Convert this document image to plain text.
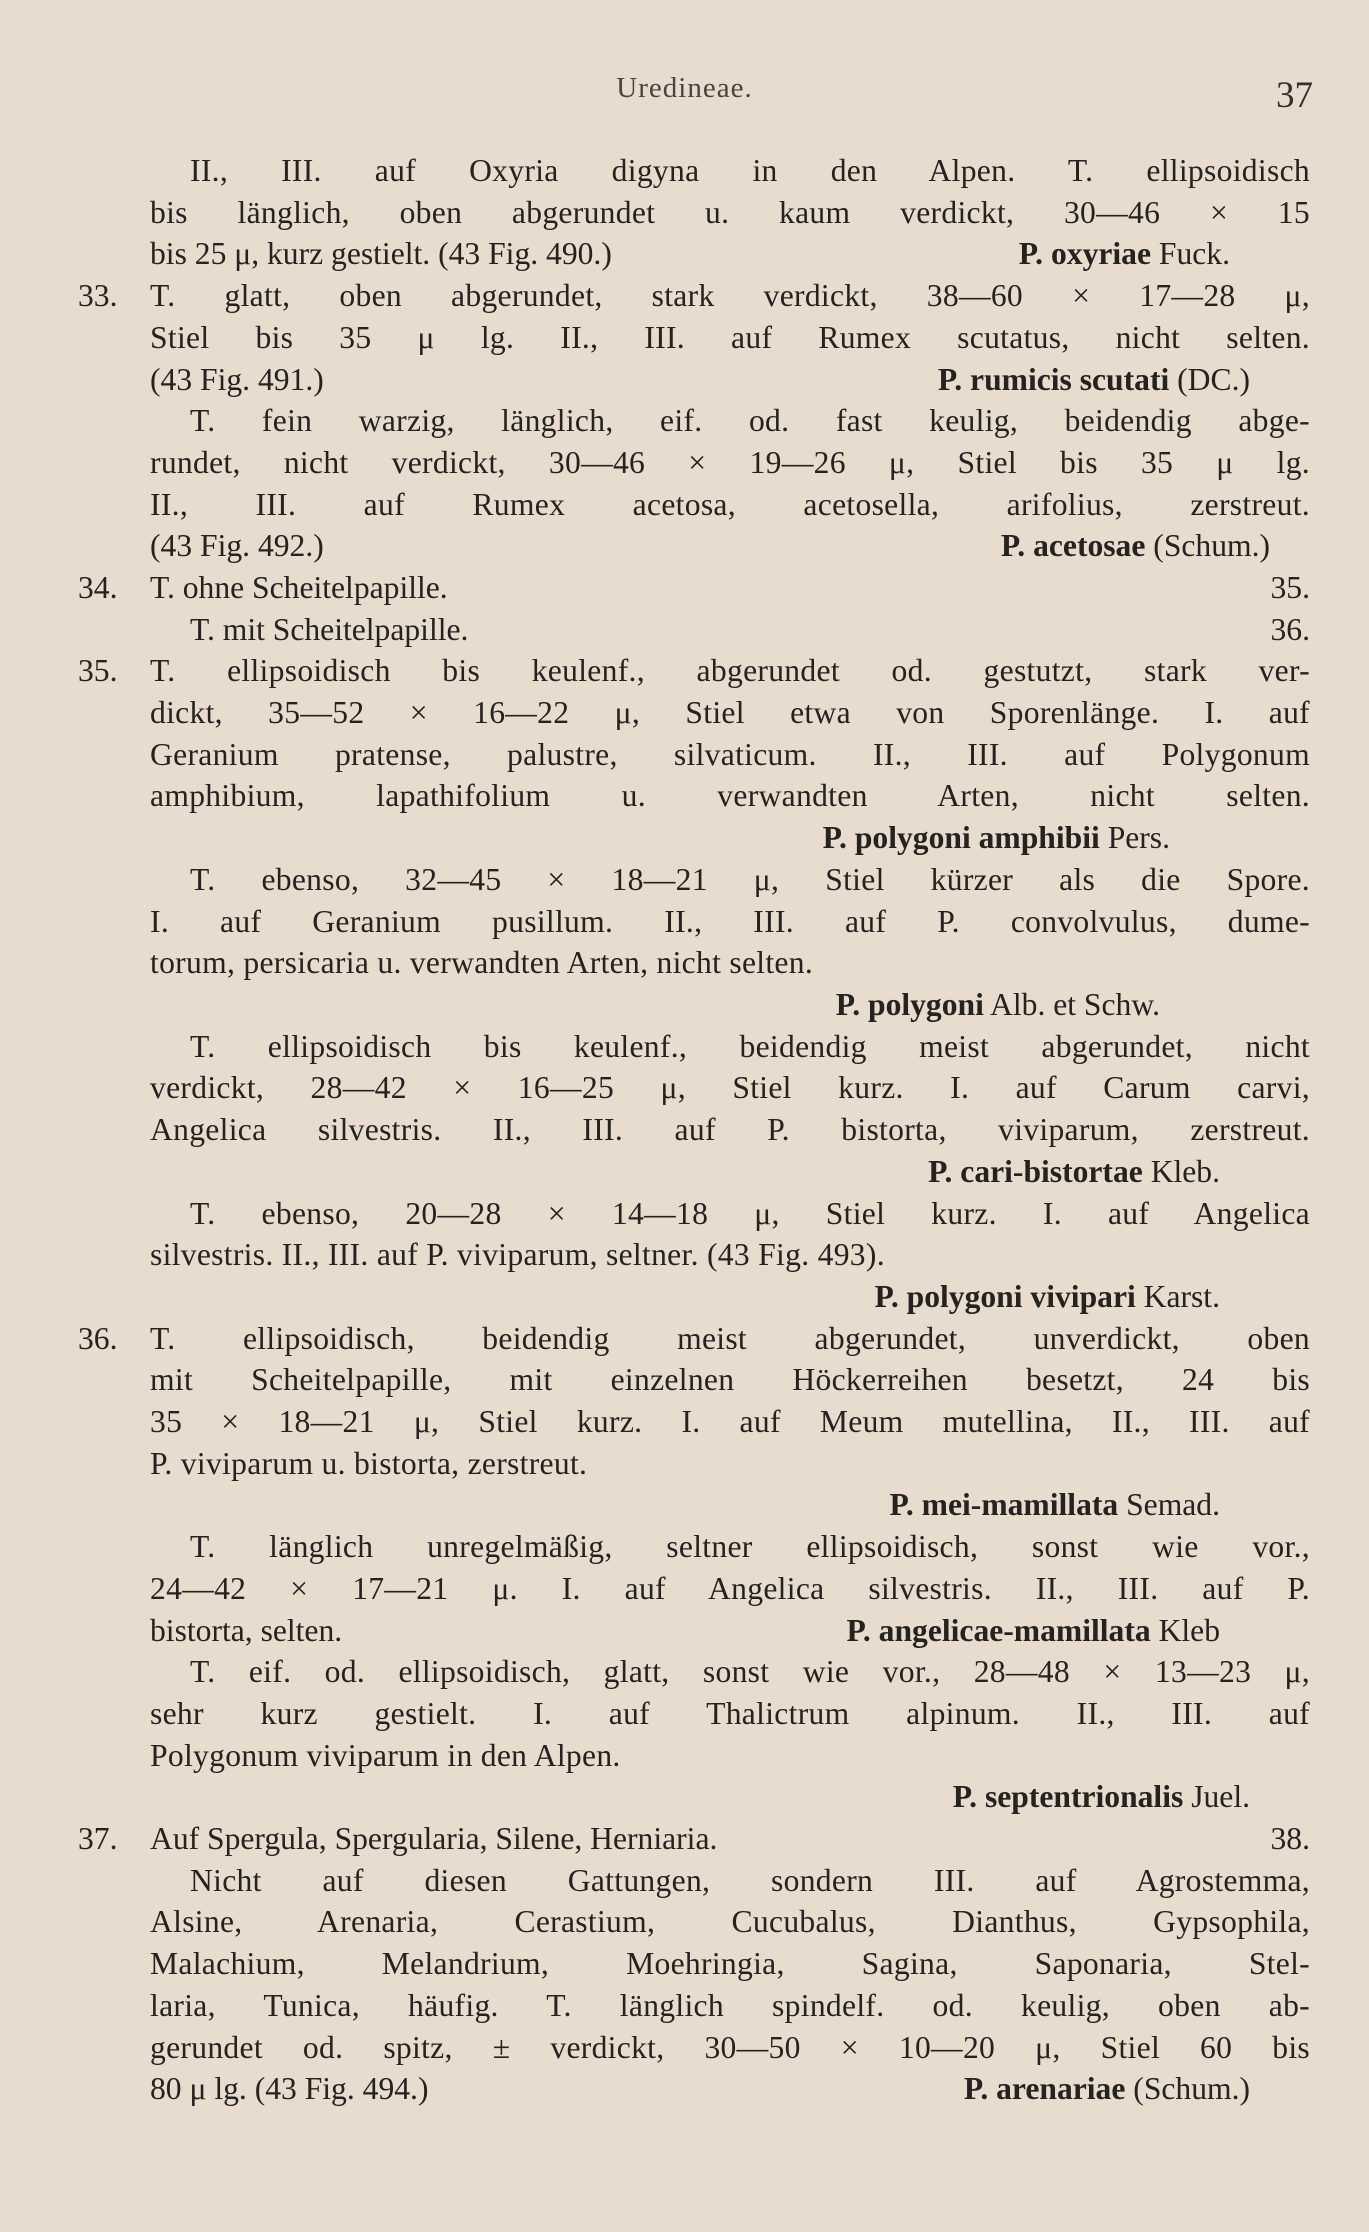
Uredineae.	37
II., III. auf Oxyria digyna in den Alpen. T. ellipsoidisch
bis länglich, oben abgerundet u. kaum verdickt, 30—46 × 15
bis 25 μ, kurz gestielt. (43 Fig. 490.)	P. oxyriae Fuck.
33. T. glatt, oben abgerundet, stark verdickt, 38—60 × 17—28 μ,
Stiel bis 35 μ lg. II., III. auf Rumex scutatus, nicht selten.
(43 Fig. 491.)	P. rumicis scutati (DC.)
T. fein warzig, länglich, eif. od. fast keulig, beidendig abge-
rundet, nicht verdickt, 30—46 × 19—26 μ, Stiel bis 35 μ lg.
II., III. auf Rumex acetosa, acetosella, arifolius, zerstreut.
(43 Fig. 492.)	P. acetosae (Schum.)
34. T. ohne Scheitelpapille.	35.
T. mit Scheitelpapille.	36.
35. T. ellipsoidisch bis keulenf., abgerundet od. gestutzt, stark ver-
dickt, 35—52 × 16—22 μ, Stiel etwa von Sporenlänge. I. auf
Geranium pratense, palustre, silvaticum. II., III. auf Polygonum
amphibium, lapathifolium u. verwandten Arten, nicht selten.
P. polygoni amphibii Pers.
T. ebenso, 32—45 × 18—21 μ, Stiel kürzer als die Spore.
I. auf Geranium pusillum. II., III. auf P. convolvulus, dume-
torum, persicaria u. verwandten Arten, nicht selten.
P. polygoni Alb. et Schw.
T. ellipsoidisch bis keulenf., beidendig meist abgerundet, nicht
verdickt, 28—42 × 16—25 μ, Stiel kurz. I. auf Carum carvi,
Angelica silvestris. II., III. auf P. bistorta, viviparum, zerstreut.
P. cari-bistortae Kleb.
T. ebenso, 20—28 × 14—18 μ, Stiel kurz. I. auf Angelica
silvestris. II., III. auf P. viviparum, seltner. (43 Fig. 493).
P. polygoni vivipari Karst.
36. T. ellipsoidisch, beidendig meist abgerundet, unverdickt, oben
mit Scheitelpapille, mit einzelnen Höckerreihen besetzt, 24 bis
35 × 18—21 μ, Stiel kurz. I. auf Meum mutellina, II., III. auf
P. viviparum u. bistorta, zerstreut.
P. mei-mamillata Semad.
T. länglich unregelmäßig, seltner ellipsoidisch, sonst wie vor.,
24—42 × 17—21 μ. I. auf Angelica silvestris. II., III. auf P.
bistorta, selten.	P. angelicae-mamillata Kleb
T. eif. od. ellipsoidisch, glatt, sonst wie vor., 28—48 × 13—23 μ,
sehr kurz gestielt. I. auf Thalictrum alpinum. II., III. auf
Polygonum viviparum in den Alpen.
P. septentrionalis Juel.
37. Auf Spergula, Spergularia, Silene, Herniaria.	38.
Nicht auf diesen Gattungen, sondern III. auf Agrostemma,
Alsine, Arenaria, Cerastium, Cucubalus, Dianthus, Gypsophila,
Malachium, Melandrium, Moehringia, Sagina, Saponaria, Stel-
laria, Tunica, häufig. T. länglich spindelf. od. keulig, oben ab-
gerundet od. spitz, ± verdickt, 30—50 × 10—20 μ, Stiel 60 bis
80 μ lg. (43 Fig. 494.)	P. arenariae (Schum.)
